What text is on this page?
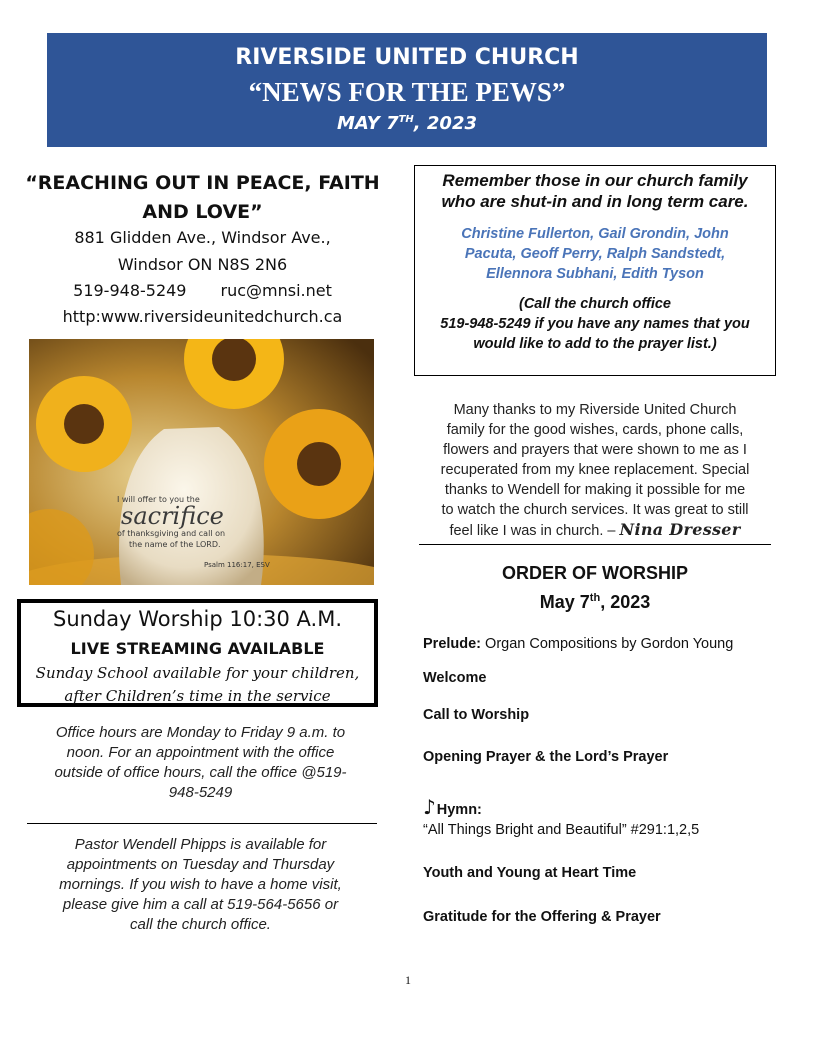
RIVERSIDE UNITED CHURCH
“NEWS FOR THE PEWS”
MAY 7TH, 2023
“REACHING OUT IN PEACE, FAITH
AND LOVE”
881 Glidden Ave., Windsor Ave.,
Windsor ON N8S 2N6
519-948-5249 ruc@mnsi.net
http:www.riversideunitedchurch.ca
I will offer to you the
sacrifice
of thanksgiving and call on
the name of the LORD.
Psalm 116:17, ESV
Sunday Worship 10:30 A.M.
LIVE STREAMING AVAILABLE
Sunday School available for your children,
after Children’s time in the service
Office hours are Monday to Friday 9 a.m. to
noon. For an appointment with the office
outside of office hours, call the office @519-
948-5249
Pastor Wendell Phipps is available for
appointments on Tuesday and Thursday
mornings. If you wish to have a home visit,
please give him a call at 519-564-5656 or
call the church office.
Remember those in our church family
who are shut-in and in long term care.
Christine Fullerton, Gail Grondin, John
Pacuta, Geoff Perry, Ralph Sandstedt,
Ellennora Subhani, Edith Tyson
(Call the church office
519-948-5249 if you have any names that you
would like to add to the prayer list.)
Many thanks to my Riverside United Church
family for the good wishes, cards, phone calls,
flowers and prayers that were shown to me as I
recuperated from my knee replacement. Special
thanks to Wendell for making it possible for me
to watch the church services. It was great to still
feel like I was in church. – Nina Dresser
ORDER OF WORSHIP
May 7th, 2023
Prelude: Organ Compositions by Gordon Young
Welcome
Call to Worship
Opening Prayer & the Lord’s Prayer
♪Hymn:
“All Things Bright and Beautiful” #291:1,2,5
Youth and Young at Heart Time
Gratitude for the Offering & Prayer
1
